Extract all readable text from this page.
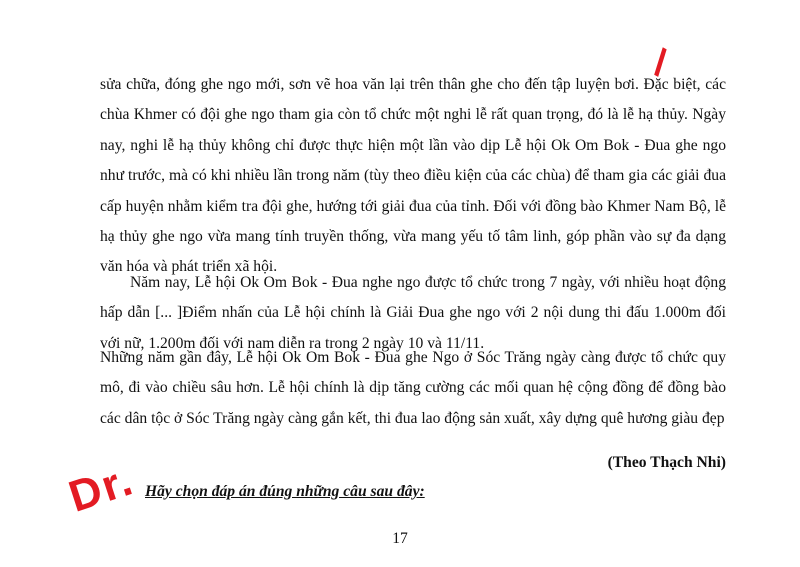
\

sửa chữa, đóng ghe ngo mới, sơn vẽ hoa văn lại trên thân ghe cho đến tập luyện bơi. Đặc biệt, các chùa Khmer có đội ghe ngo tham gia còn tổ chức một nghi lễ rất quan trọng, đó là lễ hạ thủy. Ngày nay, nghi lễ hạ thủy không chỉ được thực hiện một lần vào dịp Lễ hội Ok Om Bok - Đua ghe ngo như trước, mà có khi nhiều lần trong năm (tùy theo điều kiện của các chùa) để tham gia các giải đua cấp huyện nhằm kiểm tra đội ghe, hướng tới giải đua của tỉnh. Đối với đồng bào Khmer Nam Bộ, lễ hạ thủy ghe ngo vừa mang tính truyền thống, vừa mang yếu tố tâm linh, góp phần vào sự đa dạng văn hóa và phát triển xã hội.

Năm nay, Lễ hội Ok Om Bok - Đua nghe ngo được tổ chức trong 7 ngày, với nhiều hoạt động hấp dẫn [... ]Điểm nhấn của Lễ hội chính là Giải Đua ghe ngo với 2 nội dung thi đấu 1.000m đối với nữ, 1.200m đối với nam diễn ra trong 2 ngày 10 và 11/11.

Những năm gần đây, Lễ hội Ok Om Bok - Đua ghe Ngo ở Sóc Trăng ngày càng được tổ chức quy mô, đi vào chiều sâu hơn. Lễ hội chính là dịp tăng cường các mối quan hệ cộng đồng để đồng bào các dân tộc ở Sóc Trăng ngày càng gắn kết, thi đua lao động sản xuất, xây dựng quê hương giàu đẹp

(Theo Thạch Nhi)

Dr. Hãy chọn đáp án đúng những câu sau đây:

17
